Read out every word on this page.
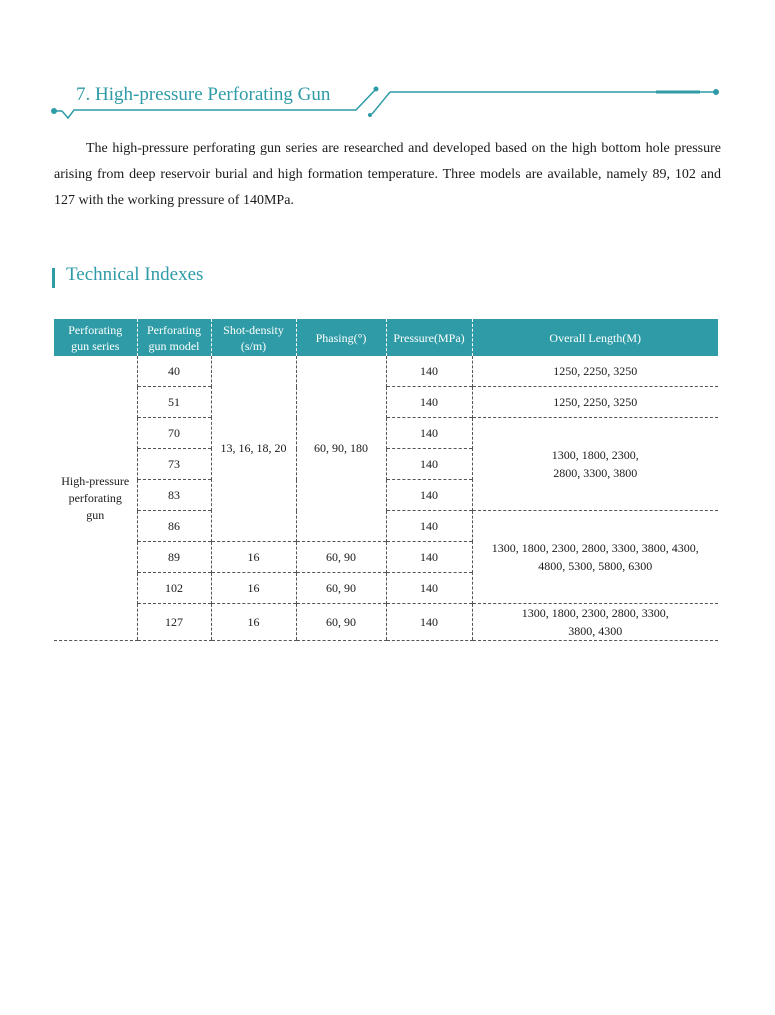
7. High-pressure Perforating Gun

The high-pressure perforating gun series are researched and developed based on the high bottom hole pressure arising from deep reservoir burial and high formation temperature. Three models are available, namely 89, 102 and 127 with the working pressure of 140MPa.

Technical Indexes
Perforating
gun series	Perforating
gun model	Shot-density
(s/m)	Phasing(°)	Pressure(MPa)	Overall Length(M)
High-pressure
perforating
gun	40	13, 16, 18, 20	60, 90, 180	140	1250, 2250, 3250
	51			140	1250, 2250, 3250
	70			140	1300, 1800, 2300,
2800, 3300, 3800
	73			140	
	83			140	
	86			140	1300, 1800, 2300, 2800, 3300, 3800, 4300,
4800, 5300, 5800, 6300
	89	16	60, 90	140	
	102	16	60, 90	140	
	127	16	60, 90	140	1300, 1800, 2300, 2800, 3300,
3800, 4300
